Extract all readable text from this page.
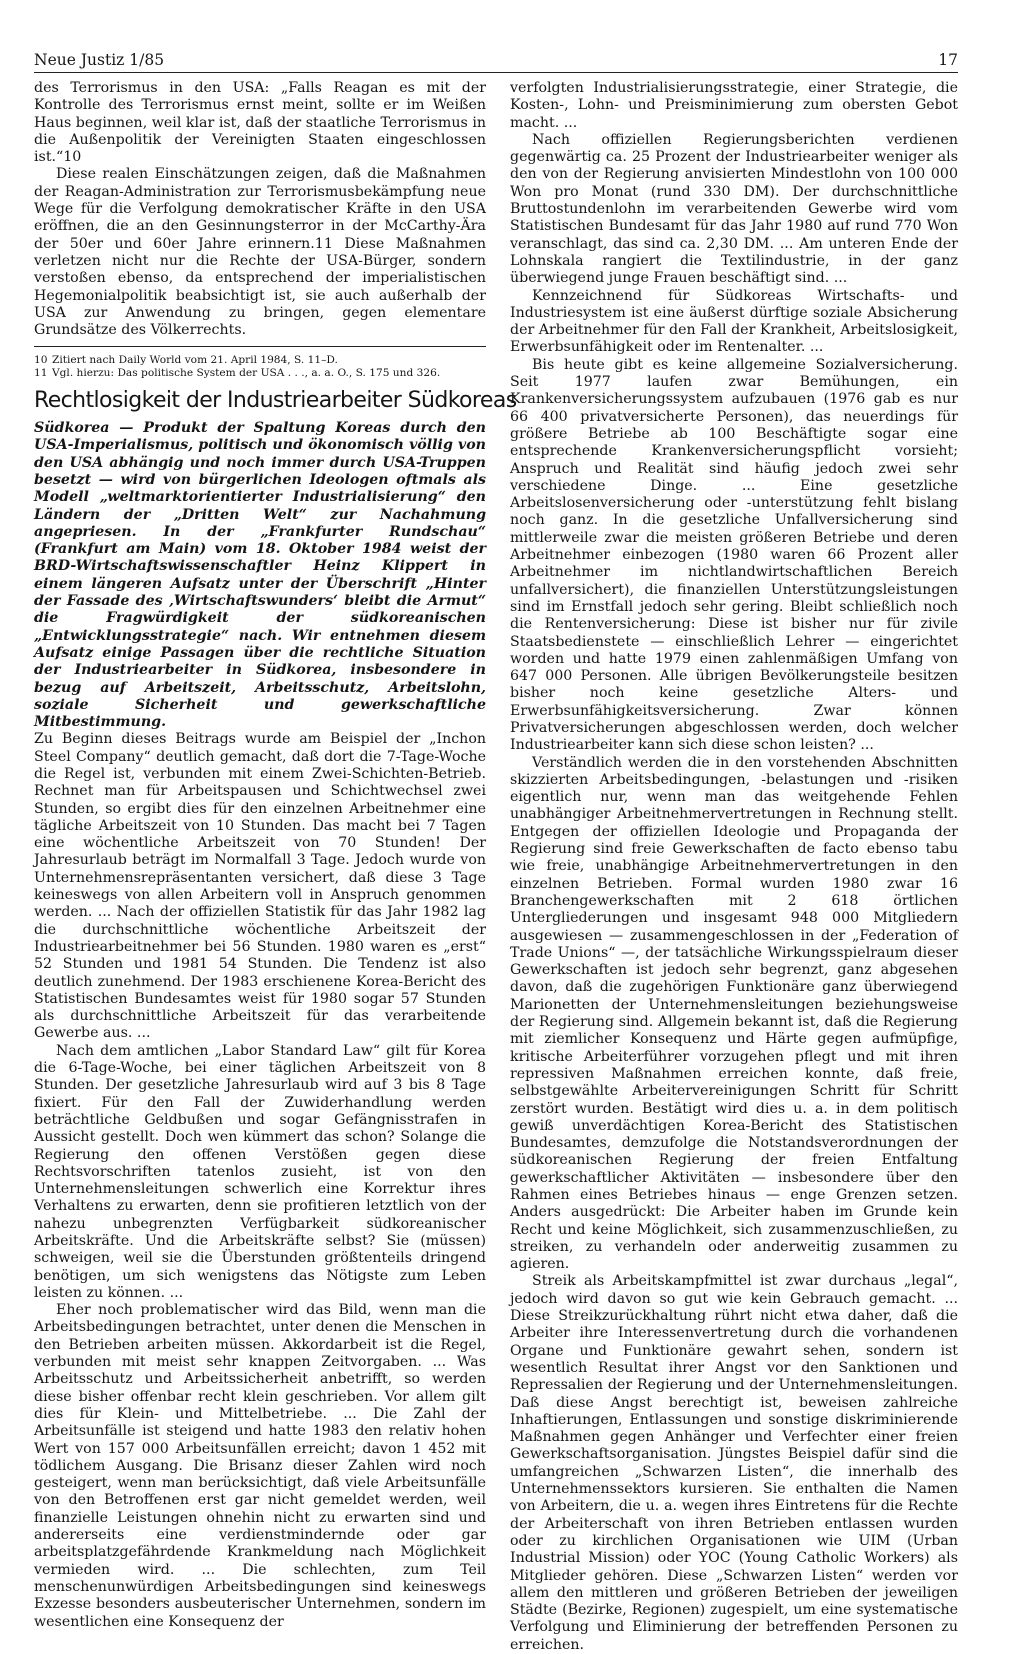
Neue Justiz 1/85	17

des Terrorismus in den USA: „Falls Reagan es mit der Kontrolle des Terrorismus ernst meint, sollte er im Weißen Haus beginnen, weil klar ist, daß der staatliche Terrorismus in die Außenpolitik der Vereinigten Staaten eingeschlossen ist.“10

Diese realen Einschätzungen zeigen, daß die Maßnahmen der Reagan-Administration zur Terrorismusbekämpfung neue Wege für die Verfolgung demokratischer Kräfte in den USA eröffnen, die an den Gesinnungsterror in der McCarthy-Ära der 50er und 60er Jahre erinnern.11 Diese Maßnahmen verletzen nicht nur die Rechte der USA-Bürger, sondern verstoßen ebenso, da entsprechend der imperialistischen Hegemonialpolitik beabsichtigt ist, sie auch außerhalb der USA zur Anwendung zu bringen, gegen elementare Grundsätze des Völkerrechts.

10 Zitiert nach Daily World vom 21. April 1984, S. 11–D.

11 Vgl. hierzu: Das politische System der USA . . ., a. a. O., S. 175 und 326.

Rechtlosigkeit der Industriearbeiter Südkoreas

Südkorea — Produkt der Spaltung Koreas durch den USA-Imperialismus, politisch und ökonomisch völlig von den USA abhängig und noch immer durch USA-Truppen besetzt — wird von bürgerlichen Ideologen oftmals als Modell „weltmarktorientierter Industrialisierung“ den Ländern der „Dritten Welt“ zur Nachahmung angepriesen. In der „Frankfurter Rundschau“ (Frankfurt am Main) vom 18. Oktober 1984 weist der BRD-Wirtschaftswissenschaftler Heinz Klippert in einem längeren Aufsatz unter der Überschrift „Hinter der Fassade des ‚Wirtschaftswunders‘ bleibt die Armut“ die Fragwürdigkeit der südkoreanischen „Entwicklungsstrategie“ nach. Wir entnehmen diesem Aufsatz einige Passagen über die rechtliche Situation der Industriearbeiter in Südkorea, insbesondere in bezug auf Arbeitszeit, Arbeitsschutz, Arbeitslohn, soziale Sicherheit und gewerkschaftliche Mitbestimmung.

Zu Beginn dieses Beitrags wurde am Beispiel der „Inchon Steel Company“ deutlich gemacht, daß dort die 7-Tage-Woche die Regel ist, verbunden mit einem Zwei-Schichten-Betrieb. Rechnet man für Arbeitspausen und Schichtwechsel zwei Stunden, so ergibt dies für den einzelnen Arbeitnehmer eine tägliche Arbeitszeit von 10 Stunden. Das macht bei 7 Tagen eine wöchentliche Arbeitszeit von 70 Stunden! Der Jahresurlaub beträgt im Normalfall 3 Tage. Jedoch wurde von Unternehmensrepräsentanten versichert, daß diese 3 Tage keineswegs von allen Arbeitern voll in Anspruch genommen werden. ... Nach der offiziellen Statistik für das Jahr 1982 lag die durchschnittliche wöchentliche Arbeitszeit der Industriearbeitnehmer bei 56 Stunden. 1980 waren es „erst“ 52 Stunden und 1981 54 Stunden. Die Tendenz ist also deutlich zunehmend. Der 1983 erschienene Korea-Bericht des Statistischen Bundesamtes weist für 1980 sogar 57 Stunden als durchschnittliche Arbeitszeit für das verarbeitende Gewerbe aus. ...

Nach dem amtlichen „Labor Standard Law“ gilt für Korea die 6-Tage-Woche, bei einer täglichen Arbeitszeit von 8 Stunden. Der gesetzliche Jahresurlaub wird auf 3 bis 8 Tage fixiert. Für den Fall der Zuwiderhandlung werden beträchtliche Geldbußen und sogar Gefängnisstrafen in Aussicht gestellt. Doch wen kümmert das schon? Solange die Regierung den offenen Verstößen gegen diese Rechtsvorschriften tatenlos zusieht, ist von den Unternehmensleitungen schwerlich eine Korrektur ihres Verhaltens zu erwarten, denn sie profitieren letztlich von der nahezu unbegrenzten Verfügbarkeit südkoreanischer Arbeitskräfte. Und die Arbeitskräfte selbst? Sie (müssen) schweigen, weil sie die Überstunden größtenteils dringend benötigen, um sich wenigstens das Nötigste zum Leben leisten zu können. ...

Eher noch problematischer wird das Bild, wenn man die Arbeitsbedingungen betrachtet, unter denen die Menschen in den Betrieben arbeiten müssen. Akkordarbeit ist die Regel, verbunden mit meist sehr knappen Zeitvorgaben. ... Was Arbeitsschutz und Arbeitssicherheit anbetrifft, so werden diese bisher offenbar recht klein geschrieben. Vor allem gilt dies für Klein- und Mittelbetriebe. ... Die Zahl der Arbeitsunfälle ist steigend und hatte 1983 den relativ hohen Wert von 157 000 Arbeitsunfällen erreicht; davon 1 452 mit tödlichem Ausgang. Die Brisanz dieser Zahlen wird noch gesteigert, wenn man berücksichtigt, daß viele Arbeitsunfälle von den Betroffenen erst gar nicht gemeldet werden, weil finanzielle Leistungen ohnehin nicht zu erwarten sind und andererseits eine verdienstmindernde oder gar arbeitsplatzgefährdende Krankmeldung nach Möglichkeit vermieden wird. ... Die schlechten, zum Teil menschenunwürdigen Arbeitsbedingungen sind keineswegs Exzesse besonders ausbeuterischer Unternehmen, sondern im wesentlichen eine Konsequenz der

verfolgten Industrialisierungsstrategie, einer Strategie, die Kosten-, Lohn- und Preisminimierung zum obersten Gebot macht. ...

Nach offiziellen Regierungsberichten verdienen gegenwärtig ca. 25 Prozent der Industriearbeiter weniger als den von der Regierung anvisierten Mindestlohn von 100 000 Won pro Monat (rund 330 DM). Der durchschnittliche Bruttostundenlohn im verarbeitenden Gewerbe wird vom Statistischen Bundesamt für das Jahr 1980 auf rund 770 Won veranschlagt, das sind ca. 2,30 DM. ... Am unteren Ende der Lohnskala rangiert die Textilindustrie, in der ganz überwiegend junge Frauen beschäftigt sind. ...

Kennzeichnend für Südkoreas Wirtschafts- und Industriesystem ist eine äußerst dürftige soziale Absicherung der Arbeitnehmer für den Fall der Krankheit, Arbeitslosigkeit, Erwerbsunfähigkeit oder im Rentenalter. ...

Bis heute gibt es keine allgemeine Sozialversicherung. Seit 1977 laufen zwar Bemühungen, ein Krankenversicherungssystem aufzubauen (1976 gab es nur 66 400 privatversicherte Personen), das neuerdings für größere Betriebe ab 100 Beschäftigte sogar eine entsprechende Krankenversicherungspflicht vorsieht; Anspruch und Realität sind häufig jedoch zwei sehr verschiedene Dinge. ... Eine gesetzliche Arbeitslosenversicherung oder -unterstützung fehlt bislang noch ganz. In die gesetzliche Unfallversicherung sind mittlerweile zwar die meisten größeren Betriebe und deren Arbeitnehmer einbezogen (1980 waren 66 Prozent aller Arbeitnehmer im nichtlandwirtschaftlichen Bereich unfallversichert), die finanziellen Unterstützungsleistungen sind im Ernstfall jedoch sehr gering. Bleibt schließlich noch die Rentenversicherung: Diese ist bisher nur für zivile Staatsbedienstete — einschließlich Lehrer — eingerichtet worden und hatte 1979 einen zahlenmäßigen Umfang von 647 000 Personen. Alle übrigen Bevölkerungsteile besitzen bisher noch keine gesetzliche Alters- und Erwerbsunfähigkeitsversicherung. Zwar können Privatversicherungen abgeschlossen werden, doch welcher Industriearbeiter kann sich diese schon leisten? ...

Verständlich werden die in den vorstehenden Abschnitten skizzierten Arbeitsbedingungen, -belastungen und -risiken eigentlich nur, wenn man das weitgehende Fehlen unabhängiger Arbeitnehmervertretungen in Rechnung stellt. Entgegen der offiziellen Ideologie und Propaganda der Regierung sind freie Gewerkschaften de facto ebenso tabu wie freie, unabhängige Arbeitnehmervertretungen in den einzelnen Betrieben. Formal wurden 1980 zwar 16 Branchengewerkschaften mit 2 618 örtlichen Untergliederungen und insgesamt 948 000 Mitgliedern ausgewiesen — zusammengeschlossen in der „Federation of Trade Unions“ —, der tatsächliche Wirkungsspielraum dieser Gewerkschaften ist jedoch sehr begrenzt, ganz abgesehen davon, daß die zugehörigen Funktionäre ganz überwiegend Marionetten der Unternehmensleitungen beziehungsweise der Regierung sind. Allgemein bekannt ist, daß die Regierung mit ziemlicher Konsequenz und Härte gegen aufmüpfige, kritische Arbeiterführer vorzugehen pflegt und mit ihren repressiven Maßnahmen erreichen konnte, daß freie, selbstgewählte Arbeitervereinigungen Schritt für Schritt zerstört wurden. Bestätigt wird dies u. a. in dem politisch gewiß unverdächtigen Korea-Bericht des Statistischen Bundesamtes, demzufolge die Notstandsverordnungen der südkoreanischen Regierung der freien Entfaltung gewerkschaftlicher Aktivitäten — insbesondere über den Rahmen eines Betriebes hinaus — enge Grenzen setzen. Anders ausgedrückt: Die Arbeiter haben im Grunde kein Recht und keine Möglichkeit, sich zusammenzuschließen, zu streiken, zu verhandeln oder anderweitig zusammen zu agieren.

Streik als Arbeitskampfmittel ist zwar durchaus „legal“, jedoch wird davon so gut wie kein Gebrauch gemacht. ... Diese Streikzurückhaltung rührt nicht etwa daher, daß die Arbeiter ihre Interessenvertretung durch die vorhandenen Organe und Funktionäre gewahrt sehen, sondern ist wesentlich Resultat ihrer Angst vor den Sanktionen und Repressalien der Regierung und der Unternehmensleitungen. Daß diese Angst berechtigt ist, beweisen zahlreiche Inhaftierungen, Entlassungen und sonstige diskriminierende Maßnahmen gegen Anhänger und Verfechter einer freien Gewerkschaftsorganisation. Jüngstes Beispiel dafür sind die umfangreichen „Schwarzen Listen“, die innerhalb des Unternehmenssektors kursieren. Sie enthalten die Namen von Arbeitern, die u. a. wegen ihres Eintretens für die Rechte der Arbeiterschaft von ihren Betrieben entlassen wurden oder zu kirchlichen Organisationen wie UIM (Urban Industrial Mission) oder YOC (Young Catholic Workers) als Mitglieder gehören. Diese „Schwarzen Listen“ werden vor allem den mittleren und größeren Betrieben der jeweiligen Städte (Bezirke, Regionen) zugespielt, um eine systematische Verfolgung und Eliminierung der betreffenden Personen zu erreichen.
